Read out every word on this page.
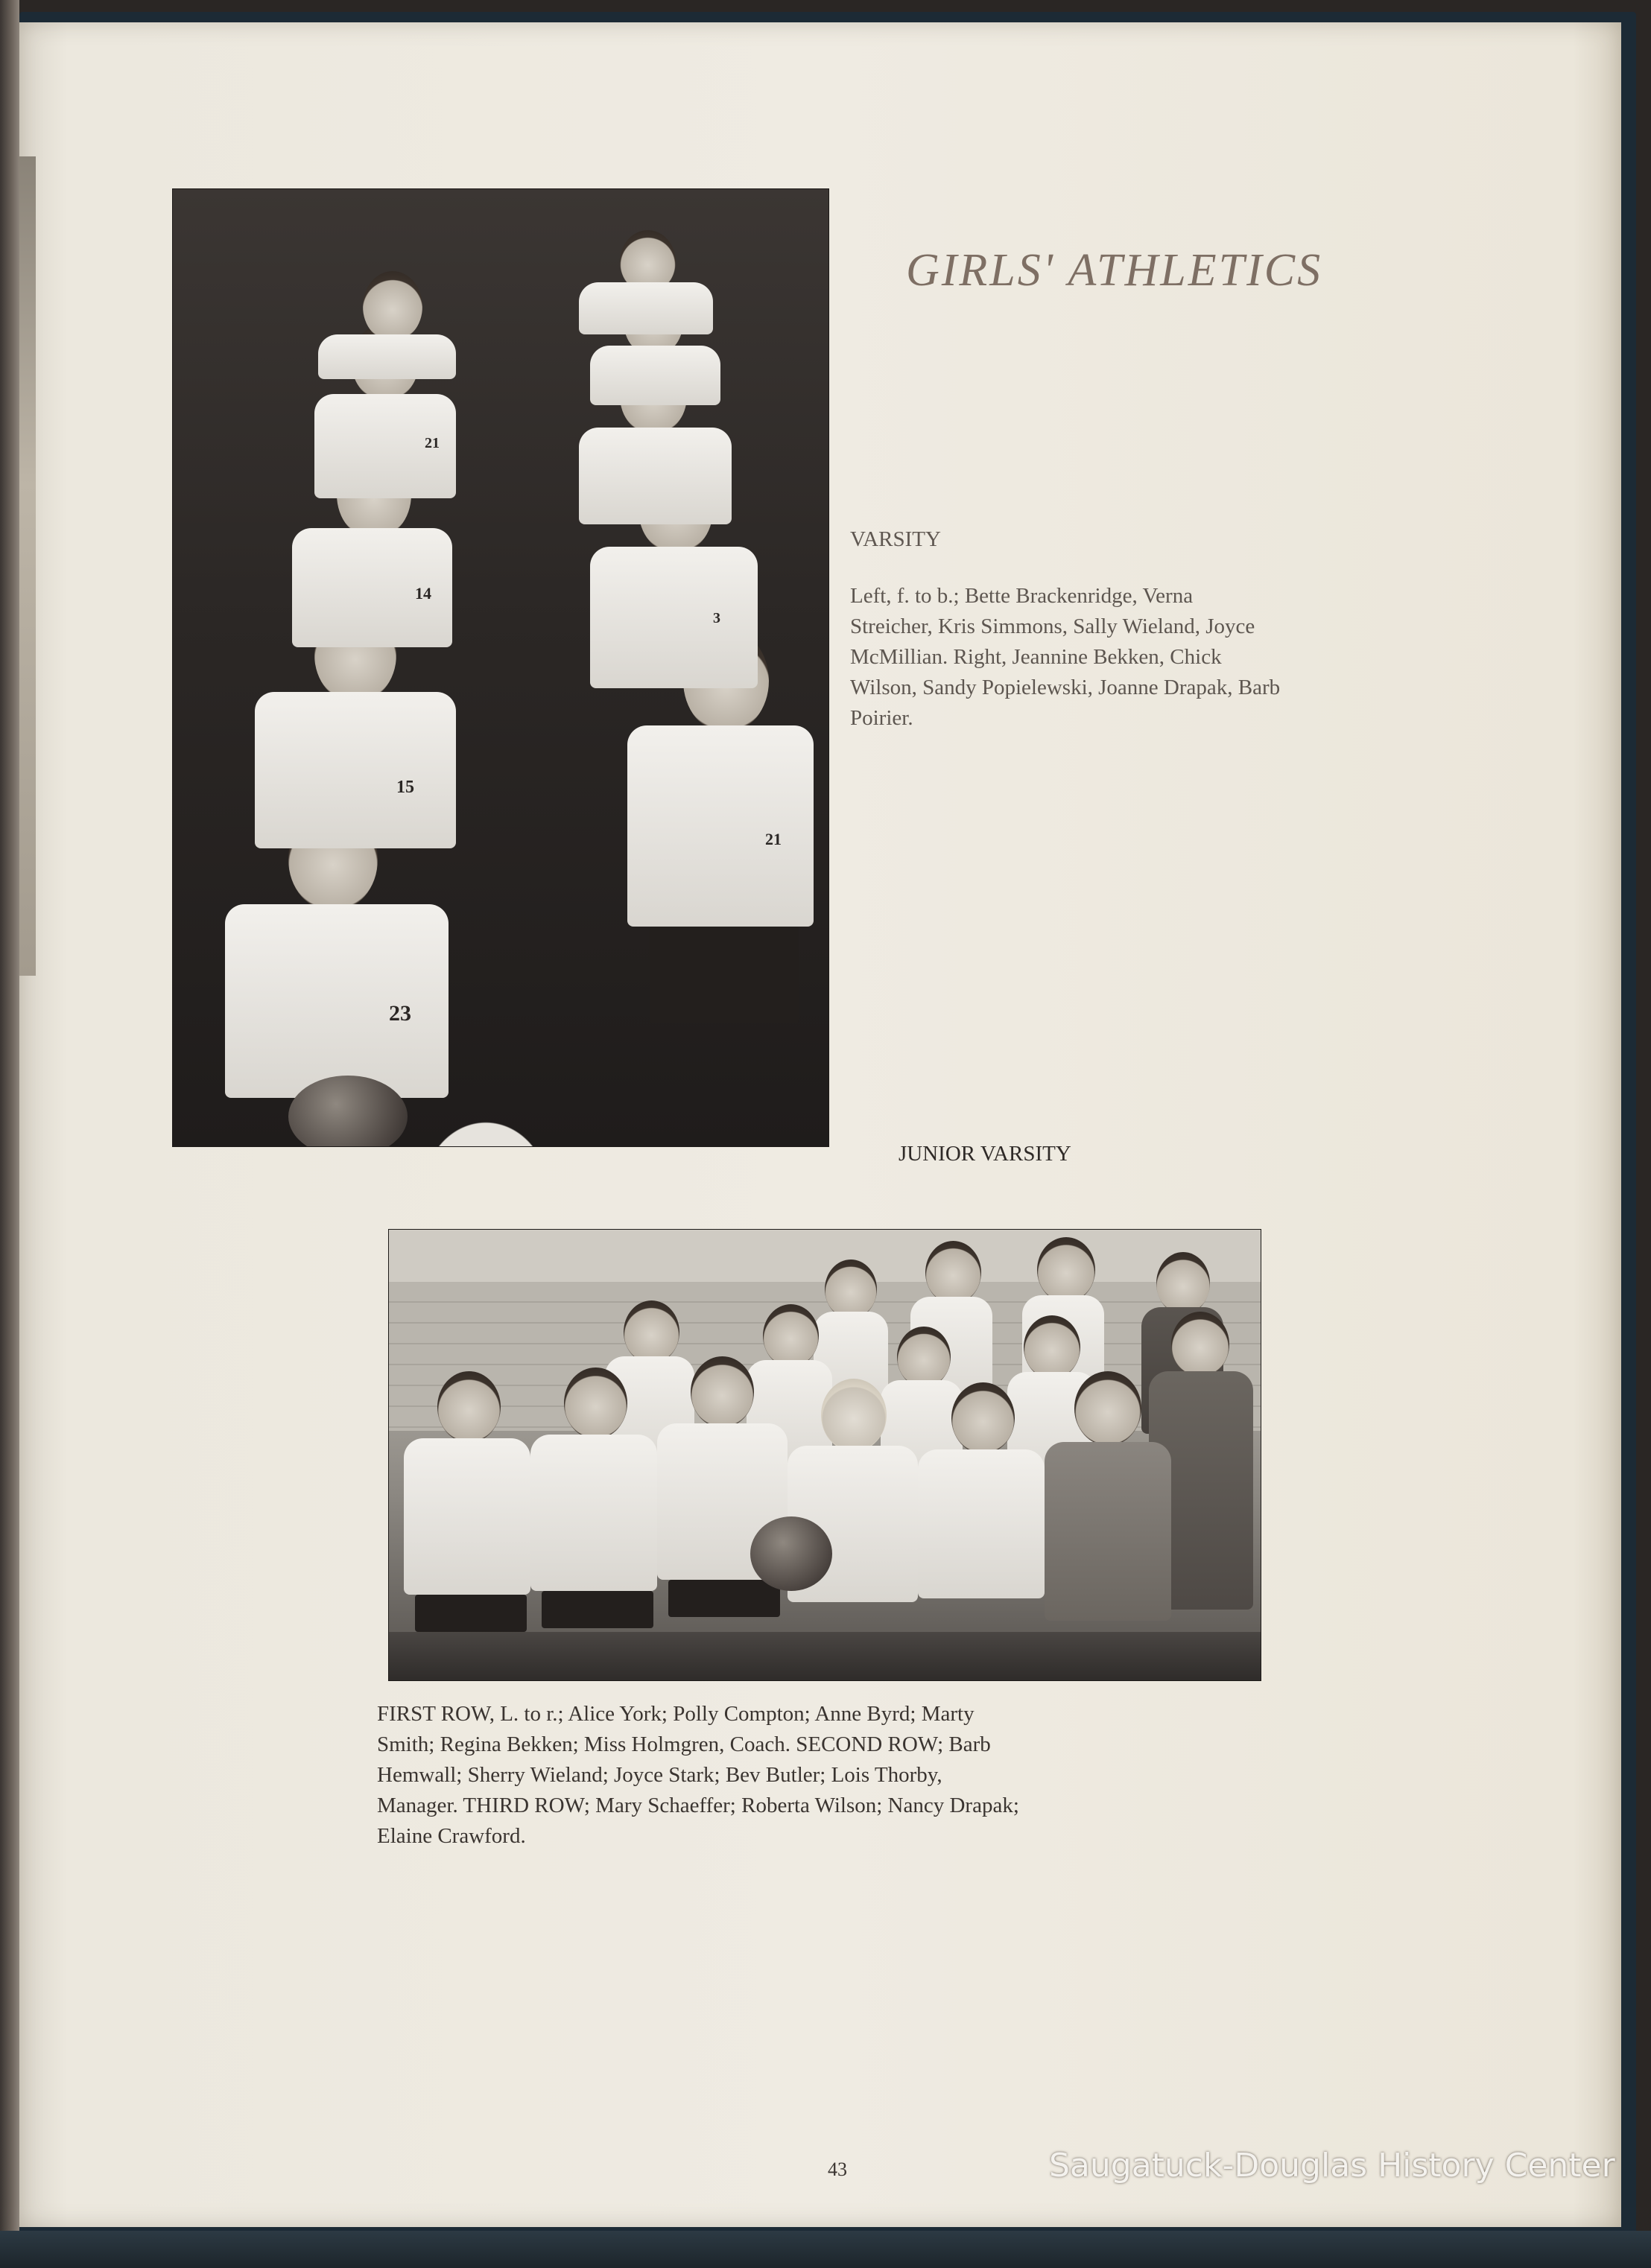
GIRLS' ATHLETICS
23
15
14
21
21
3
VARSITY
Left, f. to b.; Bette Brackenridge, Verna
Streicher, Kris Simmons, Sally Wieland, Joyce
McMillian. Right, Jeannine Bekken, Chick
Wilson, Sandy Popielewski, Joanne Drapak, Barb
Poirier.
JUNIOR VARSITY
FIRST ROW, L. to r.; Alice York; Polly Compton; Anne Byrd; Marty
Smith; Regina Bekken; Miss Holmgren, Coach. SECOND ROW; Barb
Hemwall; Sherry Wieland; Joyce Stark; Bev Butler; Lois Thorby,
Manager. THIRD ROW; Mary Schaeffer; Roberta Wilson; Nancy Drapak;
Elaine Crawford.
43	Saugatuck-Douglas History Center
